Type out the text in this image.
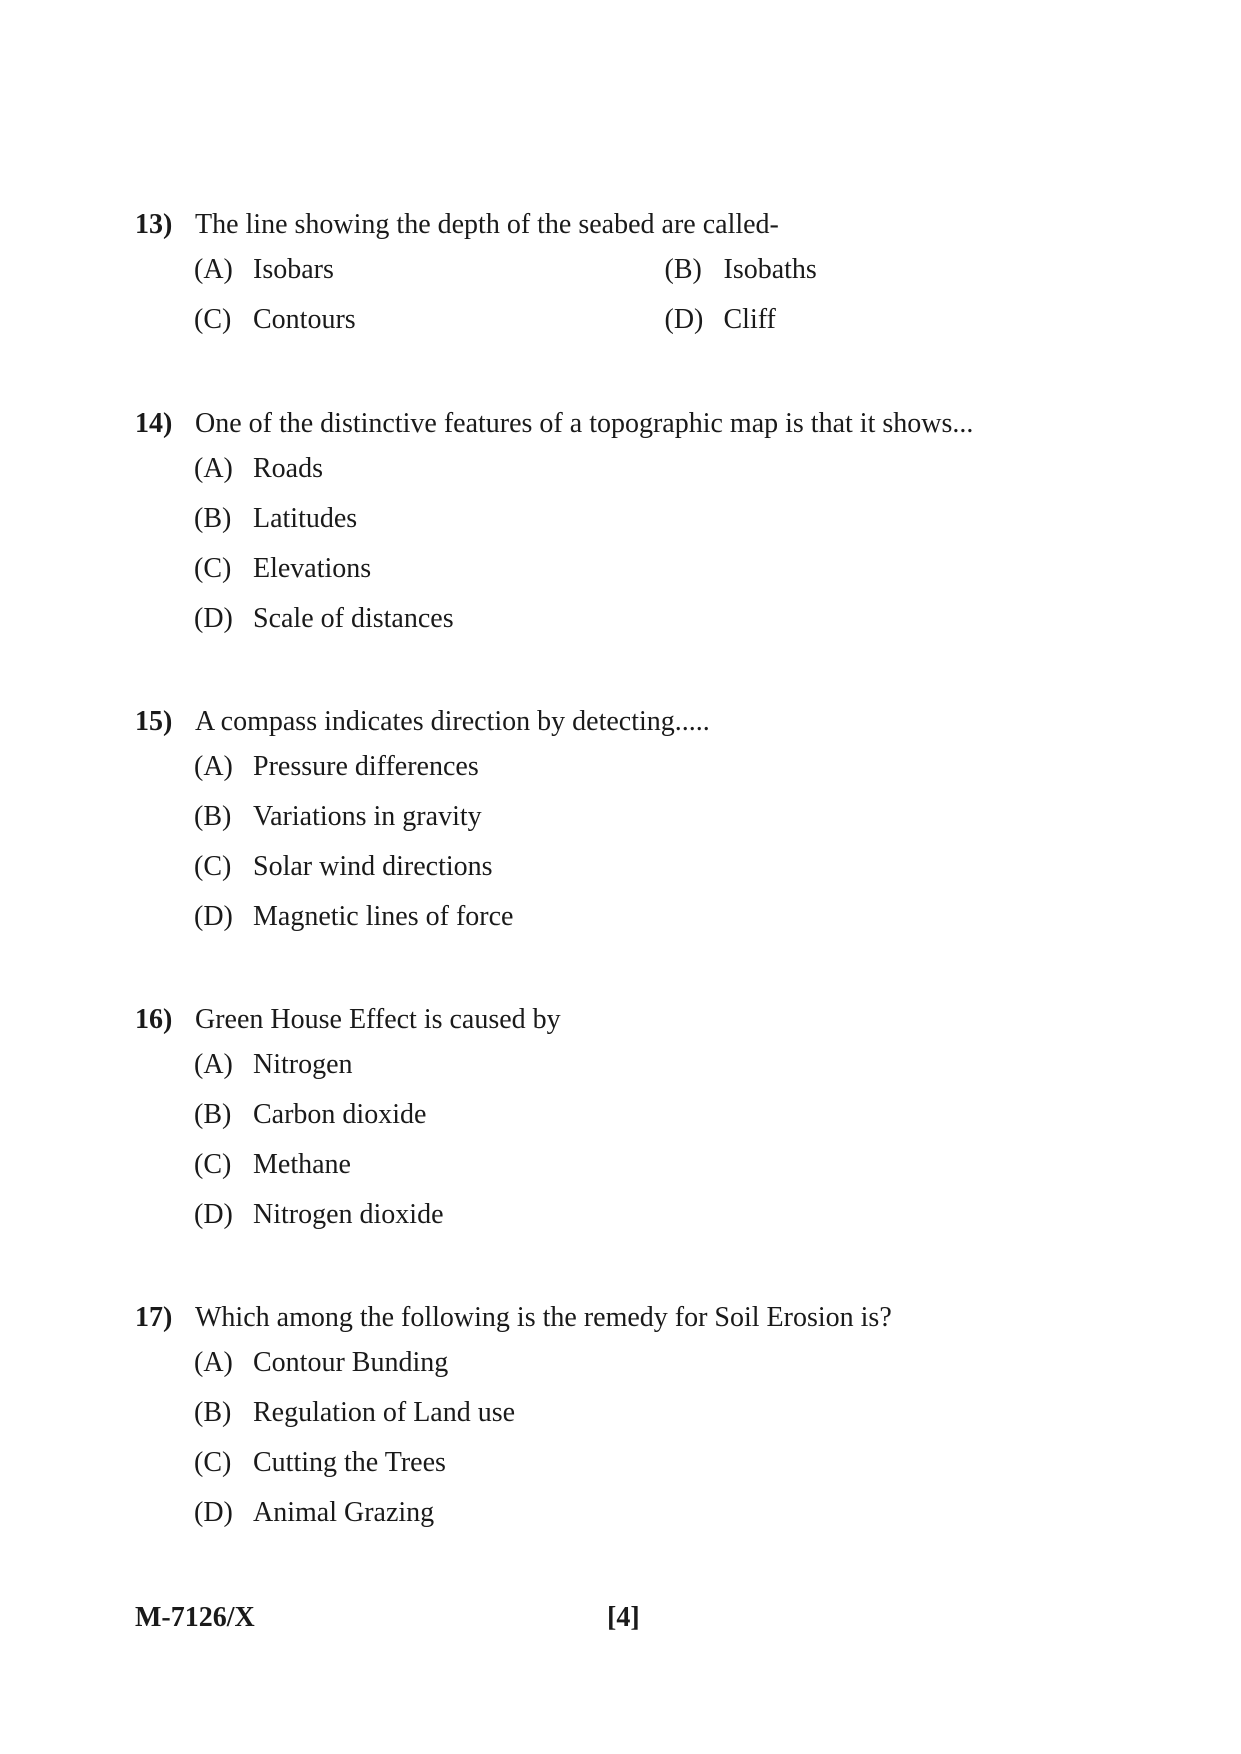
13) The line showing the depth of the seabed are called-
(A) Isobars	(B) Isobaths
(C) Contours	(D) Cliff
14) One of the distinctive features of a topographic map is that it shows...
(A) Roads
(B) Latitudes
(C) Elevations
(D) Scale of distances
15) A compass indicates direction by detecting.....
(A) Pressure differences
(B) Variations in gravity
(C) Solar wind directions
(D) Magnetic lines of force
16) Green House Effect is caused by
(A) Nitrogen
(B) Carbon dioxide
(C) Methane
(D) Nitrogen dioxide
17) Which among the following is the remedy for Soil Erosion is?
(A) Contour Bunding
(B) Regulation of Land use
(C) Cutting the Trees
(D) Animal Grazing
M-7126/X	[4]
